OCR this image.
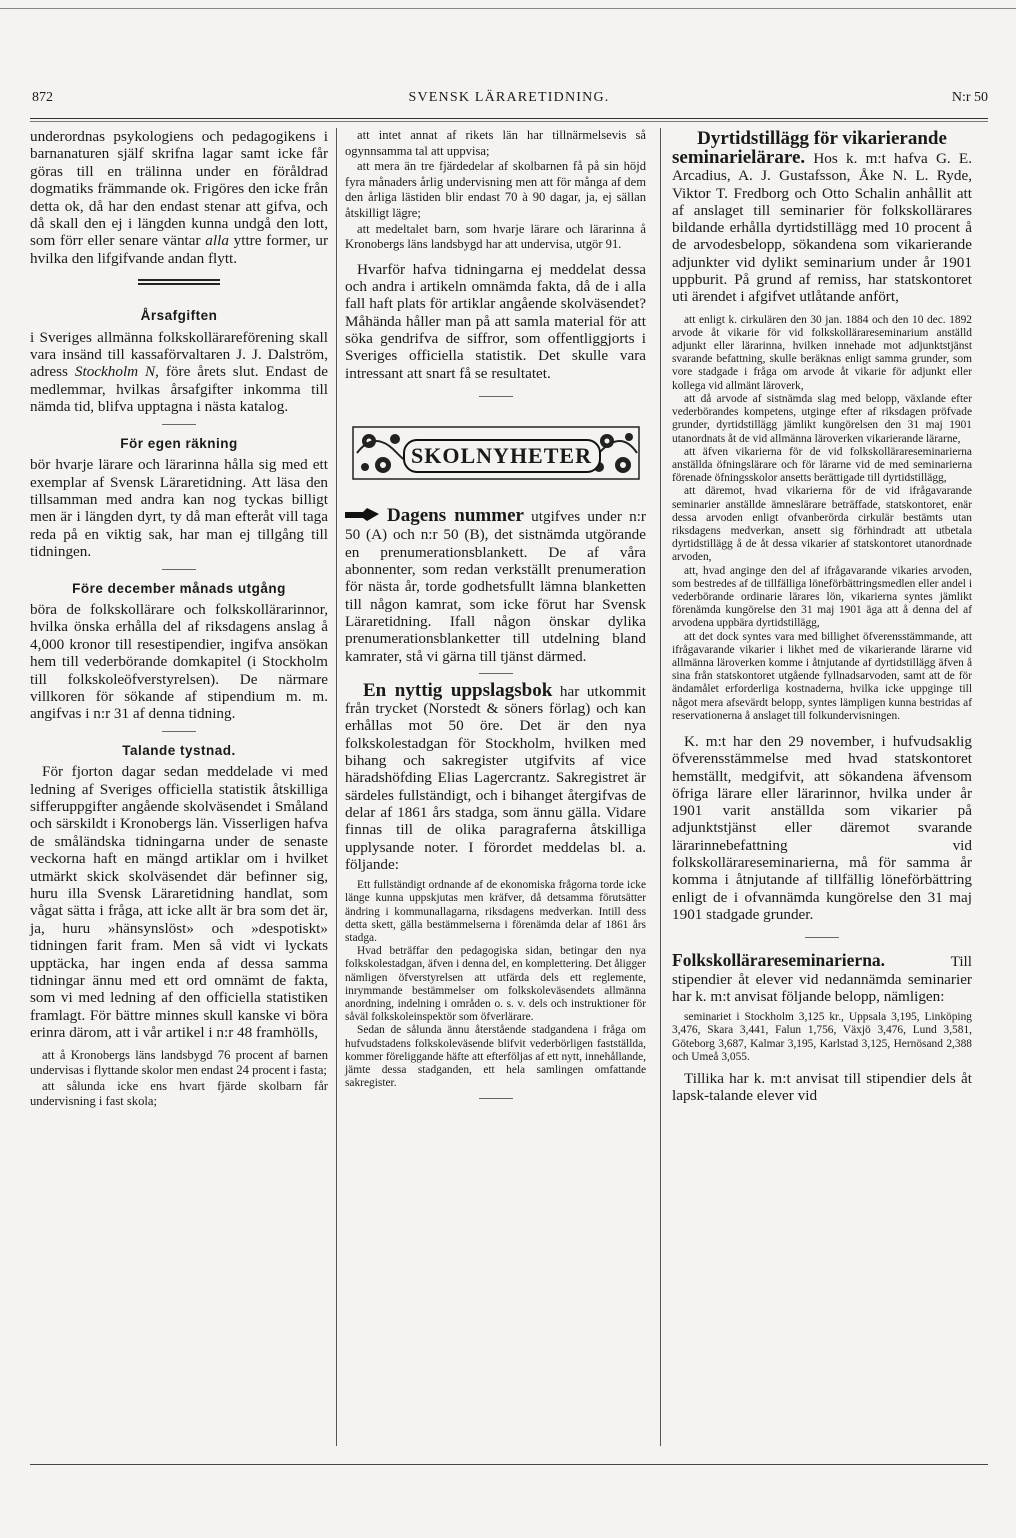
872	SVENSK LÄRARETIDNING.	N:r 50

underordnas psykologiens och pedagogikens i barnanaturen själf skrifna lagar samt icke får göras till en trälinna under en föråldrad dogmatiks främmande ok. Frigöres den icke från detta ok, då har den endast stenar att gifva, och då skall den ej i längden kunna undgå den lott, som förr eller senare väntar alla yttre former, ur hvilka den lifgifvande andan flytt.

Årsafgiften

i Sveriges allmänna folkskollärareförening skall vara insänd till kassaförvaltaren J. J. Dalström, adress Stockholm N, före årets slut. Endast de medlemmar, hvilkas årsafgifter inkomma till nämda tid, blifva upptagna i nästa katalog.

För egen räkning

bör hvarje lärare och lärarinna hålla sig med ett exemplar af Svensk Läraretidning. Att läsa den tillsamman med andra kan nog tyckas billigt men är i längden dyrt, ty då man efteråt vill taga reda på en viktig sak, har man ej tillgång till tidningen.

Före december månads utgång

böra de folkskollärare och folkskollärarinnor, hvilka önska erhålla del af riksdagens anslag å 4,000 kronor till resestipendier, ingifva ansökan hem till vederbörande domkapitel (i Stockholm till folkskoleöfverstyrelsen). De närmare villkoren för sökande af stipendium m. m. angifvas i n:r 31 af denna tidning.

Talande tystnad.

För fjorton dagar sedan meddelade vi med ledning af Sveriges officiella statistik åtskilliga sifferuppgifter angående skolväsendet i Småland och särskildt i Kronobergs län. Visserligen hafva de småländska tidningarna under de senaste veckorna haft en mängd artiklar om i hvilket utmärkt skick skolväsendet där befinner sig, huru illa Svensk Läraretidning handlat, som vågat sätta i fråga, att icke allt är bra som det är, ja, huru »hänsynslöst» och »despotiskt» tidningen farit fram. Men så vidt vi lyckats upptäcka, har ingen enda af dessa samma tidningar ännu med ett ord omnämt de fakta, som vi med ledning af den officiella statistiken framlagt. För bättre minnes skull kanske vi böra erinra därom, att i vår artikel i n:r 48 framhölls,

att å Kronobergs läns landsbygd 76 procent af barnen undervisas i flyttande skolor men endast 24 procent i fasta;

att sålunda icke ens hvart fjärde skolbarn får undervisning i fast skola;

att intet annat af rikets län har tillnärmelsevis så ogynnsamma tal att uppvisa;

att mera än tre fjärdedelar af skolbarnen få på sin höjd fyra månaders årlig undervisning men att för många af dem den årliga lästiden blir endast 70 à 90 dagar, ja, ej sällan åtskilligt lägre;

att medeltalet barn, som hvarje lärare och lärarinna å Kronobergs läns landsbygd har att undervisa, utgör 91.

Hvarför hafva tidningarna ej meddelat dessa och andra i artikeln omnämda fakta, då de i alla fall haft plats för artiklar angående skolväsendet? Måhända håller man på att samla material för att söka gendrifva de siffror, som offentliggjorts i Sveriges officiella statistik. Det skulle vara intressant att snart få se resultatet.

SKOLNYHETER

Dagens nummer utgifves under n:r 50 (A) och n:r 50 (B), det sistnämda utgörande en prenumerationsblankett. De af våra abonnenter, som redan verkställt prenumeration för nästa år, torde godhetsfullt lämna blanketten till någon kamrat, som icke förut har Svensk Läraretidning. Ifall någon önskar dylika prenumerationsblanketter till utdelning bland kamrater, stå vi gärna till tjänst därmed.

En nyttig uppslagsbok har utkommit från trycket (Norstedt & söners förlag) och kan erhållas mot 50 öre. Det är den nya folkskolestadgan för Stockholm, hvilken med bihang och sakregister utgifvits af vice häradshöfding Elias Lagercrantz. Sakregistret är särdeles fullständigt, och i bihanget återgifvas de delar af 1861 års stadga, som ännu gälla. Vidare finnas till de olika paragraferna åtskilliga upplysande noter. I förordet meddelas bl. a. följande:

Ett fullständigt ordnande af de ekonomiska frågorna torde icke länge kunna uppskjutas men kräfver, då detsamma förutsätter ändring i kommunallagarna, riksdagens medverkan. Intill dess detta skett, gälla bestämmelserna i förenämda delar af 1861 års stadga.

Hvad beträffar den pedagogiska sidan, betingar den nya folkskolestadgan, äfven i denna del, en komplettering. Det åligger nämligen öfverstyrelsen att utfärda dels ett reglemente, inrymmande bestämmelser om folkskoleväsendets allmänna anordning, indelning i områden o. s. v. dels och instruktioner för såväl folkskoleinspektör som öfverlärare.

Sedan de sålunda ännu återstående stadgandena i fråga om hufvudstadens folkskoleväsende blifvit vederbörligen fastställda, kommer föreliggande häfte att efterföljas af ett nytt, innehållande, jämte dessa stadganden, ett hela samlingen omfattande sakregister.

Dyrtidstillägg för vikarierande
seminarielärare. Hos k. m:t hafva G. E. Arcadius, A. J. Gustafsson, Åke N. L. Ryde, Viktor T. Fredborg och Otto Schalin anhållit att af anslaget till seminarier för folkskollärares bildande erhålla dyrtidstillägg med 10 procent å de arvodesbelopp, sökandena som vikarierande adjunkter vid dylikt seminarium under år 1901 uppburit. På grund af remiss, har statskontoret uti ärendet i afgifvet utlåtande anfört,

att enligt k. cirkulären den 30 jan. 1884 och den 10 dec. 1892 arvode åt vikarie för vid folkskollärareseminarium anställd adjunkt eller lärarinna, hvilken innehade mot adjunktstjänst svarande befattning, skulle beräknas enligt samma grunder, som vore stadgade i fråga om arvode åt vikarie för adjunkt eller kollega vid allmänt läroverk,

att då arvode af sistnämda slag med belopp, växlande efter vederbörandes kompetens, utginge efter af riksdagen pröfvade grunder, dyrtidstillägg jämlikt kungörelsen den 31 maj 1901 utanordnats åt de vid allmänna läroverken vikarierande lärarne,

att äfven vikarierna för de vid folkskollärareseminarierna anställda öfningslärare och för lärarne vid de med seminarierna förenade öfningsskolor ansetts berättigade till dyrtidstillägg,

att däremot, hvad vikarierna för de vid ifrågavarande seminarier anställde ämneslärare beträffade, statskontoret, enär dessa arvoden enligt ofvanberörda cirkulär bestämts utan riksdagens medverkan, ansett sig förhindradt att utbetala dyrtidstillägg å de åt dessa vikarier af statskontoret utanordnade arvoden,

att, hvad anginge den del af ifrågavarande vikaries arvoden, som bestredes af de tillfälliga löneförbättringsmedlen eller andel i vederbörande ordinarie lärares lön, vikarierna syntes jämlikt förenämda kungörelse den 31 maj 1901 äga att å denna del af arvodena uppbära dyrtidstillägg,

att det dock syntes vara med billighet öfverensstämmande, att ifrågavarande vikarier i likhet med de vikarierande lärarne vid allmänna läroverken komme i åtnjutande af dyrtidstillägg äfven å sina från statskontoret utgående fyllnadsarvoden, samt att de för ändamålet erforderliga kostnaderna, hvilka icke uppginge till något mera afsevärdt belopp, syntes lämpligen kunna bestridas af reservationerna å anslaget till folkundervisningen.

K. m:t har den 29 november, i hufvudsaklig öfverensstämmelse med hvad statskontoret hemställt, medgifvit, att sökandena äfvensom öfriga lärare eller lärarinnor, hvilka under år 1901 varit anställda som vikarier på adjunktstjänst eller däremot svarande lärarinnebefattning vid folkskollärareseminarierna, må för samma år komma i åtnjutande af tillfällig löneförbättring enligt de i ofvannämda kungörelse den 31 maj 1901 stadgade grunder.

Folkskollärareseminarierna.	Till stipendier åt elever vid nedannämda seminarier har k. m:t anvisat följande belopp, nämligen:

seminariet i Stockholm 3,125 kr., Uppsala 3,195, Linköping 3,476, Skara 3,441, Falun 1,756, Växjö 3,476, Lund 3,581, Göteborg 3,687, Kalmar 3,195, Karlstad 3,125, Hernösand 2,388 och Umeå 3,055.

Tillika har k. m:t anvisat till stipendier dels åt lapsk-talande elever vid
